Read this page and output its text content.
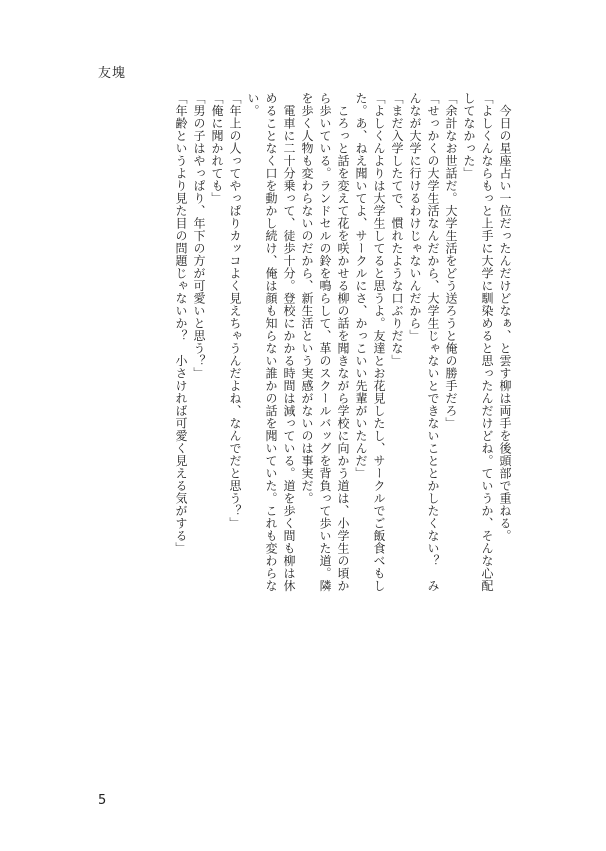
友塊

　今日の星座占い一位だったんだけどなぁ、と雲す柳は両手を後頭部で重ねる。

「よしくんならもっと上手に大学に馴染めると思ったんだけどね。ていうか、そんな心配してなかった」

「余計なお世話だ。大学生活をどう送ろうと俺の勝手だろ」

「せっかくの大学生活なんだから、大学生じゃないとできないこととかしたくない？　みんなが大学に行けるわけじゃないんだから」

「まだ入学したてで、慣れたような口ぶりだな」

「よしくんよりは大学生してると思うよ。友達とお花見したし、サークルでご飯食べもした。あ、ねえ聞いてよ、サークルにさ、かっこいい先輩がいたんだ」

　ころっと話を変えて花を咲かせる柳の話を聞きながら学校に向かう道は、小学生の頃から歩いている。ランドセルの鈴を鳴らして、革のスクールバッグを背負って歩いた道。隣を歩く人物も変わらないのだから、新生活という実感がないのは事実だ。

　電車に二十分乗って、徒歩十分。登校にかかる時間は減っている。道を歩く間も柳は休めることなく口を動かし続け、俺は顔も知らない誰かの話を聞いていた。これも変わらない。

「年上の人ってやっぱりカッコよく見えちゃうんだよね、なんでだと思う？」

「俺に聞かれても」

「男の子はやっぱり、年下の方が可愛いと思う？」

「年齢というより見た目の問題じゃないか？　小さければ可愛く見える気がする」

5
